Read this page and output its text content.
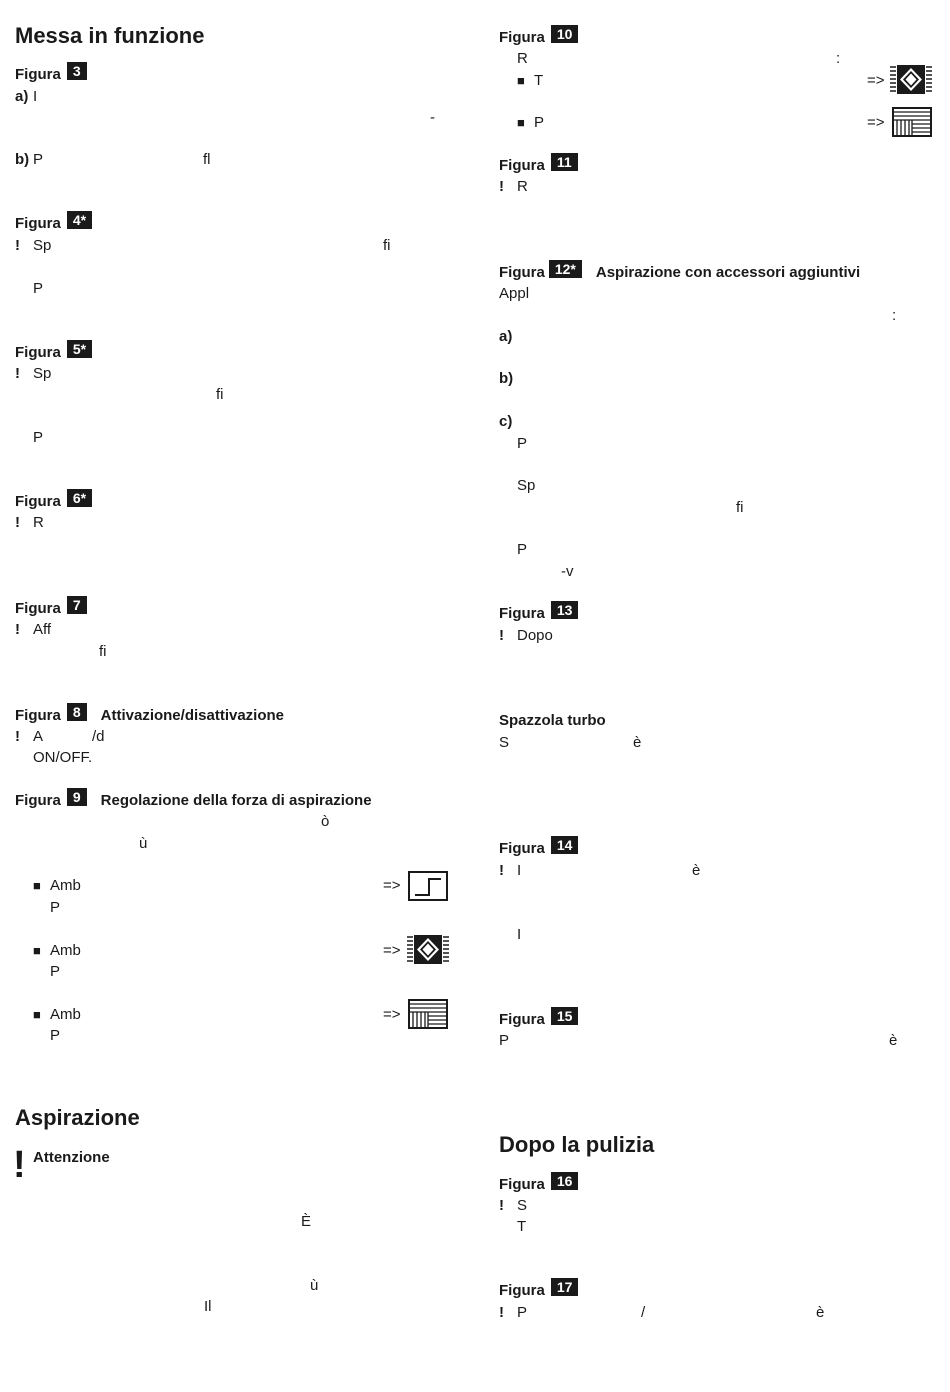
Messa in funzione
Figura 3
a) I
-
b) P	fl
Figura 4*
! Sp	fi
P
Figura 5*
! Sp
fi
P
Figura 6*
! R
Figura 7
! Aff
fi
Figura 8 Attivazione/disattivazione
! A	/d
ON/OFF.
Figura 9 Regolazione della forza di aspirazione
ò
ù
■ Amb
P
=>
■ Amb
P
=>
■ Amb
P
=>
Aspirazione
! Attenzione
È
ù
Il
Figura 10
R	:
■ T	=>
■ P	=>
Figura 11
! R
Figura 12* Aspirazione con accessori aggiuntivi
Appl
:
a)
b)
c)
P
Sp
fi
P
-v
Figura 13
! Dopo
Spazzola turbo
S	è
Figura 14
! I	è
I
Figura 15
P	è
Dopo la pulizia
Figura 16
! S
T
Figura 17
! P	/	è
